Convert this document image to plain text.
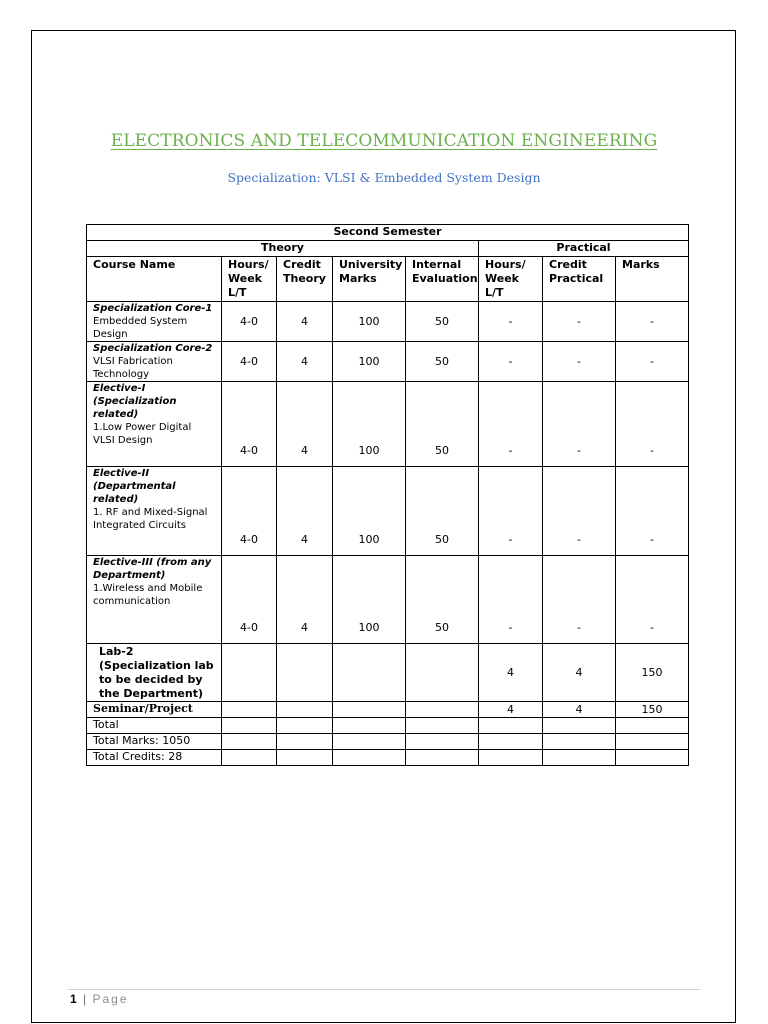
ELECTRONICS AND TELECOMMUNICATION ENGINEERING
Specialization: VLSI & Embedded System Design
Second Semester							
Theory					Practical		
Course Name	Hours/ Week L/T	Credit Theory	University Marks	Internal Evaluation	Hours/ Week L/T	Credit Practical	Marks

Specialization Core-1
Embedded System Design	4-0	4	100	50	-	-	-

Specialization Core-2
VLSI Fabrication Technology	4-0	4	100	50	-	-	-

Elective-I (Specialization related)
1.Low Power Digital VLSI Design	4-0	4	100	50	-	-	-

Elective-II (Departmental related)
1. RF and Mixed-Signal Integrated Circuits	4-0	4	100	50	-	-	-

Elective-III (from any Department)
1.Wireless and Mobile communication	4-0	4	100	50	-	-	-
Lab-2 (Specialization lab to be decided by the Department)					4	4	150
Seminar/Project					4	4	150
Total							
Total Marks: 1050							
Total Credits: 28							
1 | Page
